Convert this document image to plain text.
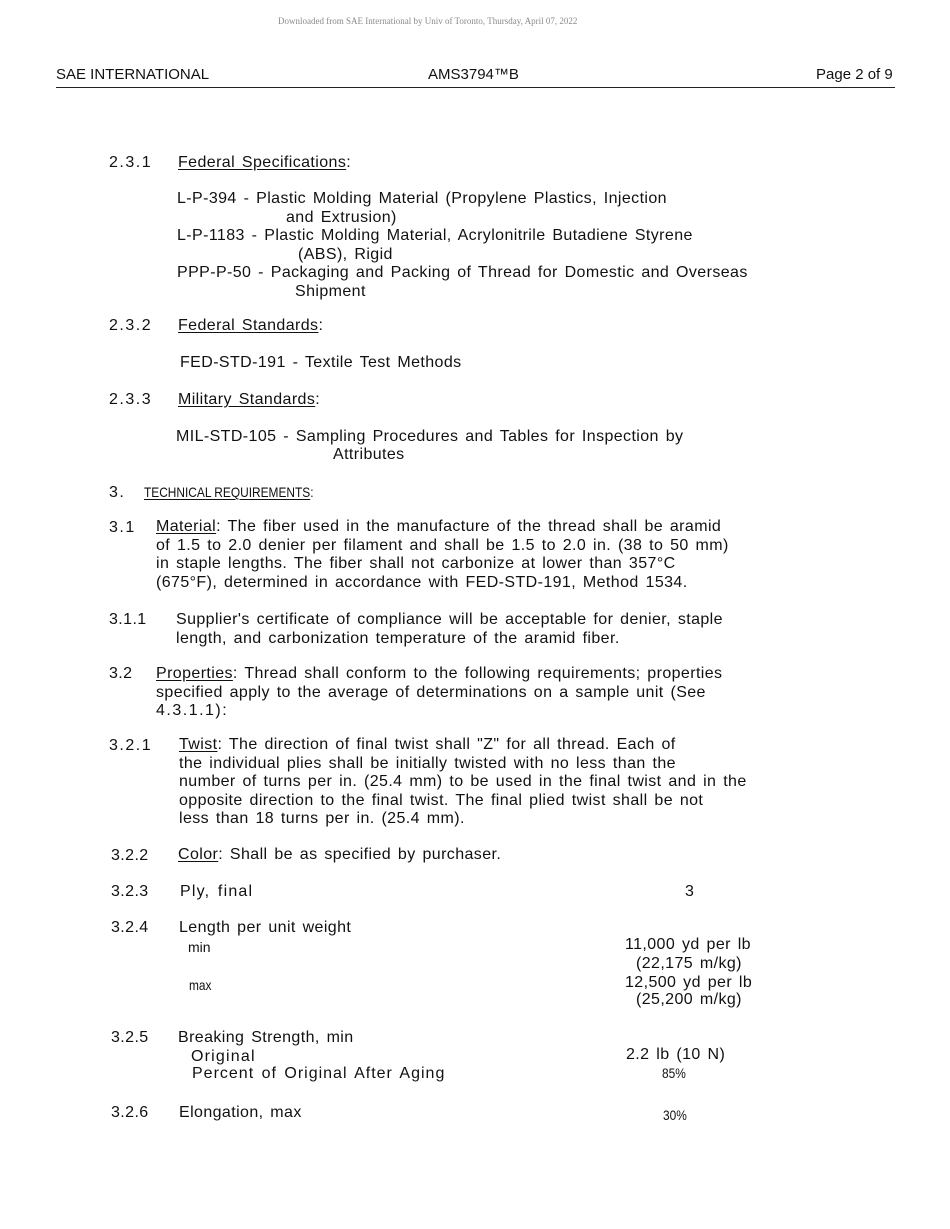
Downloaded from SAE International by Univ of Toronto, Thursday, April 07, 2022
SAE INTERNATIONAL	AMS3794™B	Page 2 of 9
2.3.1 Federal Specifications:
L-P-394 - Plastic Molding Material (Propylene Plastics, Injection
and Extrusion)
L-P-1183 - Plastic Molding Material, Acrylonitrile Butadiene Styrene
(ABS), Rigid
PPP-P-50 - Packaging and Packing of Thread for Domestic and Overseas
Shipment
2.3.2 Federal Standards:
FED-STD-191 - Textile Test Methods
2.3.3 Military Standards:
MIL-STD-105 - Sampling Procedures and Tables for Inspection by
Attributes
3. TECHNICAL REQUIREMENTS:
3.1 Material: The fiber used in the manufacture of the thread shall be aramid
of 1.5 to 2.0 denier per filament and shall be 1.5 to 2.0 in. (38 to 50 mm)
in staple lengths. The fiber shall not carbonize at lower than 357°C
(675°F), determined in accordance with FED-STD-191, Method 1534.
3.1.1 Supplier's certificate of compliance will be acceptable for denier, staple
length, and carbonization temperature of the aramid fiber.
3.2 Properties: Thread shall conform to the following requirements; properties
specified apply to the average of determinations on a sample unit (See
4.3.1.1):
3.2.1 Twist: The direction of final twist shall "Z" for all thread. Each of
the individual plies shall be initially twisted with no less than the
number of turns per in. (25.4 mm) to be used in the final twist and in the
opposite direction to the final twist. The final plied twist shall be not
less than 18 turns per in. (25.4 mm).
3.2.2 Color: Shall be as specified by purchaser.
3.2.3 Ply, final	3
3.2.4 Length per unit weight
min	11,000 yd per lb
(22,175 m/kg)
max	12,500 yd per lb
(25,200 m/kg)
3.2.5 Breaking Strength, min
Original	2.2 lb (10 N)
Percent of Original After Aging	85%
3.2.6 Elongation, max	30%
